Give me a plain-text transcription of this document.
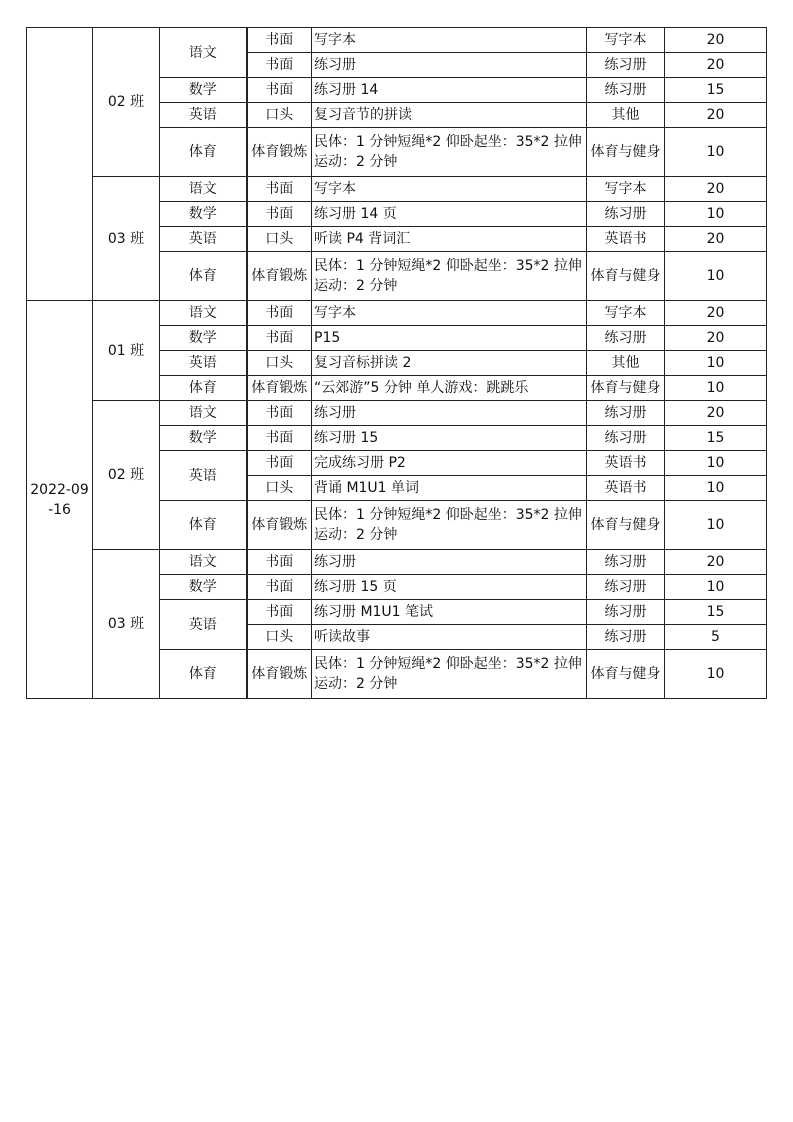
	02 班	语文	书面	写字本	写字本	20
			书面	练习册	练习册	20
		数学	书面	练习册 14	练习册	15
		英语	口头	复习音节的拼读	其他	20
		体育	体育锻炼	民体：1 分钟短绳*2 仰卧起坐：35*2 拉伸运动：2 分钟	体育与健身	10
	03 班	语文	书面	写字本	写字本	20
		数学	书面	练习册 14 页	练习册	10
		英语	口头	听读 P4 背词汇	英语书	20
		体育	体育锻炼	民体：1 分钟短绳*2 仰卧起坐：35*2 拉伸运动：2 分钟	体育与健身	10
2022-09-16	01 班	语文	书面	写字本	写字本	20
		数学	书面	P15	练习册	20
		英语	口头	复习音标拼读 2	其他	10
		体育	体育锻炼	“云郊游”5 分钟 单人游戏：跳跳乐	体育与健身	10
	02 班	语文	书面	练习册	练习册	20
		数学	书面	练习册 15	练习册	15
		英语	书面	完成练习册 P2	英语书	10
			口头	背诵 M1U1 单词	英语书	10
		体育	体育锻炼	民体：1 分钟短绳*2 仰卧起坐：35*2 拉伸运动：2 分钟	体育与健身	10
	03 班	语文	书面	练习册	练习册	20
		数学	书面	练习册 15 页	练习册	10
		英语	书面	练习册 M1U1 笔试	练习册	15
			口头	听读故事	练习册	5
		体育	体育锻炼	民体：1 分钟短绳*2 仰卧起坐：35*2 拉伸运动：2 分钟	体育与健身	10
